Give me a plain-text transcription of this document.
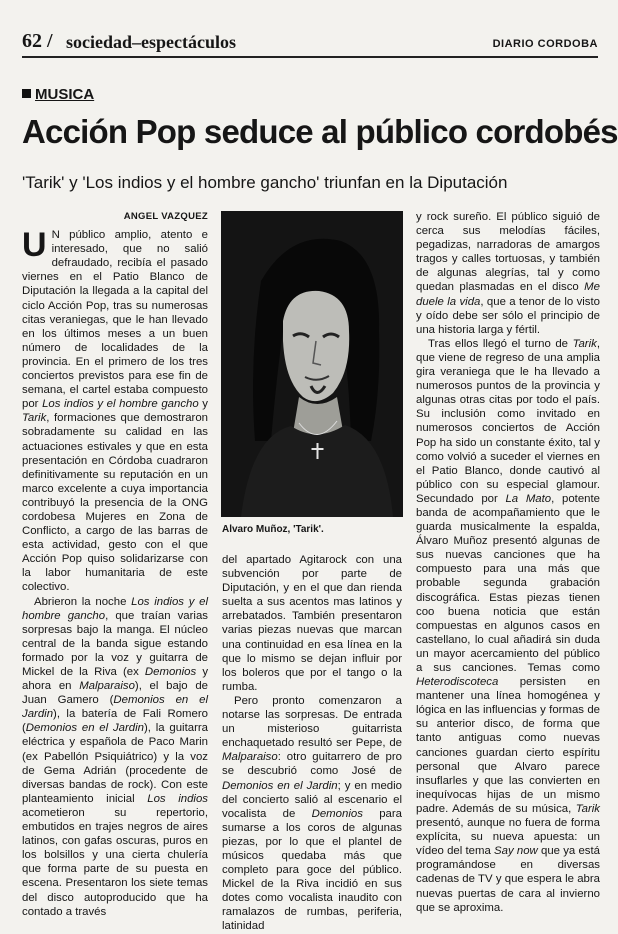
62 / sociedad–espectáculos	DIARIO CORDOBA
MUSICA
Acción Pop seduce al público cordobés
'Tarik' y 'Los indios y el hombre gancho' triunfan en la Diputación
ANGEL VAZQUEZ

U N público amplio, atento e interesado, que no salió defraudado, recibía el pasado viernes en el Patio Blanco de Diputación la llegada a la capital del ciclo Acción Pop, tras su numerosas citas veraniegas, que le han llevado en los últimos meses a un buen número de localidades de la provincia. En el primero de los tres conciertos previstos para ese fin de semana, el cartel estaba compuesto por Los indios y el hombre gancho y Tarik, formaciones que demostraron sobradamente su calidad en las actuaciones estivales y que en esta presentación en Córdoba cuadraron definitivamente su reputación en un marco excelente a cuya importancia contribuyó la presencia de la ONG cordobesa Mujeres en Zona de Conflicto, a cargo de las barras de esta actividad, gesto con el que Acción Pop quiso solidarizarse con la labor humanitaria de este colectivo.

Abrieron la noche Los indios y el hombre gancho, que traían varias sorpresas bajo la manga. El núcleo central de la banda sigue estando formado por la voz y guitarra de Mickel de la Riva (ex Demonios y ahora en Malparaiso), el bajo de Juan Gamero (Demonios en el Jardin), la batería de Fali Romero (Demonios en el Jardin), la guitarra eléctrica y española de Paco Marin (ex Pabellón Psiquiátrico) y la voz de Gema Adrián (procedente de diversas bandas de rock). Con este planteamiento inicial Los indios acometieron su repertorio, embutidos en trajes negros de aires latinos, con gafas oscuras, puros en los bolsillos y una cierta chulería que forma parte de su puesta en escena. Presentaron los siete temas del disco autoproducido que ha contado a través

Alvaro Muñoz, 'Tarik'.

del apartado Agitarock con una subvención por parte de Diputación, y en el que dan rienda suelta a sus acentos mas latinos y arrebatados. También presentaron varias piezas nuevas que marcan una continuidad en esa línea en la que lo mismo se dejan influir por los boleros que por el tango o la rumba.

Pero pronto comenzaron a notarse las sorpresas. De entrada un misterioso guitarrista enchaquetado resultó ser Pepe, de Malparaiso: otro guitarrero de pro se descubrió como José de Demonios en el Jardin; y en medio del concierto salió al escenario el vocalista de Demonios para sumarse a los coros de algunas piezas, por lo que el plantel de músicos quedaba más que completo para goce del público. Mickel de la Riva incidió en sus dotes como vocalista inaudito con ramalazos de rumbas, periferia, latinidad

y rock sureño. El público siguió de cerca sus melodías fáciles, pegadizas, narradoras de amargos tragos y calles tortuosas, y también de algunas alegrías, tal y como quedan plasmadas en el disco Me duele la vida, que a tenor de lo visto y oído debe ser sólo el principio de una historia larga y fértil.

Tras ellos llegó el turno de Tarik, que viene de regreso de una amplia gira veraniega que le ha llevado a numerosos puntos de la provincia y algunas otras citas por todo el país. Su inclusión como invitado en numerosos conciertos de Acción Pop ha sido un constante éxito, tal y como volvió a suceder el viernes en el Patio Blanco, donde cautivó al público con su especial glamour. Secundado por La Mato, potente banda de acompañamiento que le guarda musicalmente la espalda, Álvaro Muñoz presentó algunas de sus nuevas canciones que ha compuesto para una más que probable segunda grabación discográfica. Estas piezas tienen coo buena noticia que están compuestas en algunos casos en castellano, lo cual añadirá sin duda un mayor acercamiento del público a sus canciones. Temas como Heterodiscoteca persisten en mantener una línea homogénea y lógica en las influencias y formas de su anterior disco, de forma que tanto antiguas como nuevas canciones guardan cierto espíritu personal que Alvaro parece insuflarles y que las convierten en inequívocas hijas de un mismo padre. Además de su música, Tarik presentó, aunque no fuera de forma explícita, su nueva apuesta: un vídeo del tema Say now que ya está programándose en diversas cadenas de TV y que espera le abra nuevas puertas de cara al invierno que se aproxima.
